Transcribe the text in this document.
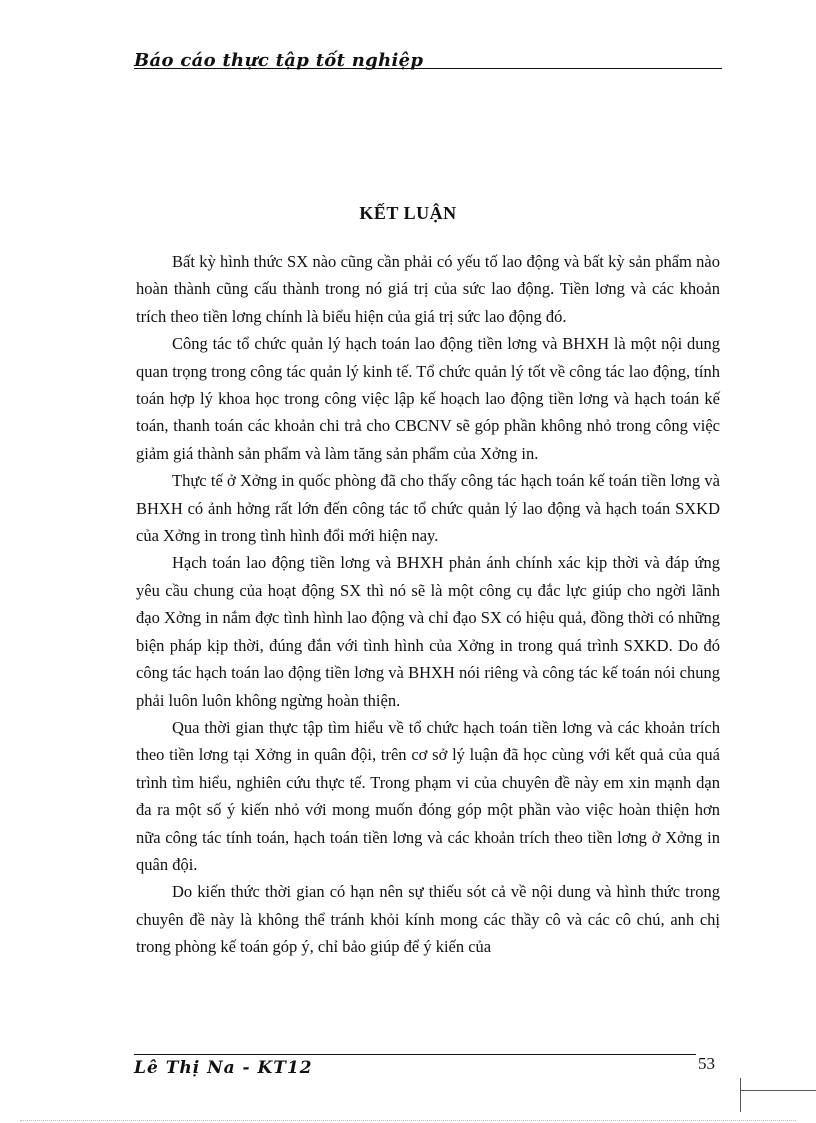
Báo cáo thực tập tốt nghiệp
KẾT LUẬN

Bất kỳ hình thức SX nào cũng cần phải có yếu tố lao động và bất kỳ sản phẩm nào hoàn thành cũng cấu thành trong nó giá trị của sức lao động. Tiền lơng và các khoản trích theo tiền lơng chính là biểu hiện của giá trị sức lao động đó.

Công tác tổ chức quản lý hạch toán lao động tiền lơng và BHXH là một nội dung quan trọng trong công tác quản lý kinh tế. Tổ chức quản lý tốt về công tác lao động, tính toán hợp lý khoa học trong công việc lập kế hoạch lao động tiền lơng và hạch toán kế toán, thanh toán các khoản chi trả cho CBCNV sẽ góp phần không nhỏ trong công việc giảm giá thành sản phẩm và làm tăng sản phẩm của Xởng in.

Thực tế ở Xởng in quốc phòng đã cho thấy công tác hạch toán kế toán tiền lơng và BHXH có ảnh hởng rất lớn đến công tác tổ chức quản lý lao động và hạch toán SXKD của Xởng in trong tình hình đổi mới hiện nay.

Hạch toán lao động tiền lơng và BHXH phản ánh chính xác kịp thời và đáp ứng yêu cầu chung của hoạt động SX thì nó sẽ là một công cụ đắc lực giúp cho ngời lãnh đạo Xởng in nắm đợc tình hình lao động và chỉ đạo SX có hiệu quả, đồng thời có những biện pháp kịp thời, đúng đắn với tình hình của Xởng in trong quá trình SXKD. Do đó công tác hạch toán lao động tiền lơng và BHXH nói riêng và công tác kế toán nói chung phải luôn luôn không ngừng hoàn thiện.

Qua thời gian thực tập tìm hiểu về tổ chức hạch toán tiền lơng và các khoản trích theo tiền lơng tại Xởng in quân đội, trên cơ sở lý luận đã học cùng với kết quả của quá trình tìm hiểu, nghiên cứu thực tế. Trong phạm vi của chuyên đề này em xin mạnh dạn đa ra một số ý kiến nhỏ với mong muốn đóng góp một phần vào việc hoàn thiện hơn nữa công tác tính toán, hạch toán tiền lơng và các khoản trích theo tiền lơng ở Xởng in quân đội.

Do kiến thức thời gian có hạn nên sự thiếu sót cả về nội dung và hình thức trong chuyên đề này là không thể tránh khỏi kính mong các thầy cô và các cô chú, anh chị trong phòng kế toán góp ý, chỉ bảo giúp để ý kiến của

Lê Thị Na - KT12	53
